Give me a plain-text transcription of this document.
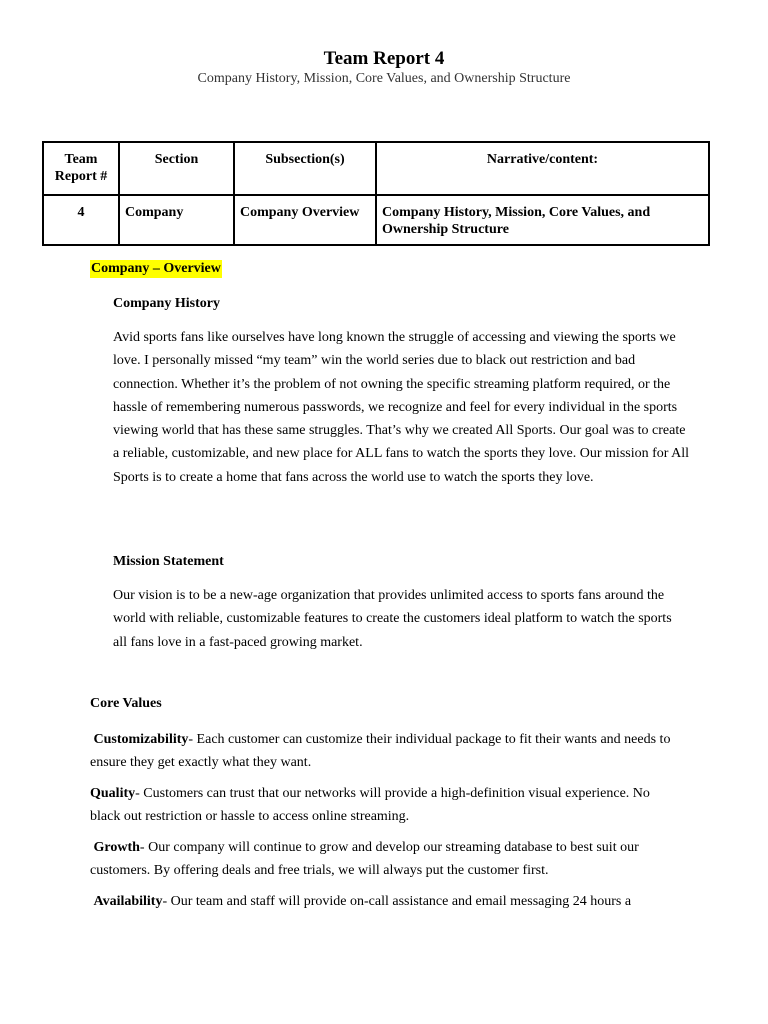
Team Report 4
Company History, Mission, Core Values, and Ownership Structure
Team Report #	Section	Subsection(s)	Narrative/content:
4	Company	Company Overview	Company History, Mission, Core Values, and Ownership Structure
Company – Overview
Company History
Avid sports fans like ourselves have long known the struggle of accessing and viewing the sports we love. I personally missed “my team” win the world series due to black out restriction and bad connection. Whether it’s the problem of not owning the specific streaming platform required, or the hassle of remembering numerous passwords, we recognize and feel for every individual in the sports viewing world that has these same struggles. That’s why we created All Sports. Our goal was to create a reliable, customizable, and new place for ALL fans to watch the sports they love. Our mission for All Sports is to create a home that fans across the world use to watch the sports they love.
Mission Statement
Our vision is to be a new-age organization that provides unlimited access to sports fans around the world with reliable, customizable features to create the customers ideal platform to watch the sports all fans love in a fast-paced growing market.
Core Values
Customizability- Each customer can customize their individual package to fit their wants and needs to ensure they get exactly what they want.
Quality- Customers can trust that our networks will provide a high-definition visual experience. No black out restriction or hassle to access online streaming.
Growth- Our company will continue to grow and develop our streaming database to best suit our customers. By offering deals and free trials, we will always put the customer first.
Availability- Our team and staff will provide on-call assistance and email messaging 24 hours a
